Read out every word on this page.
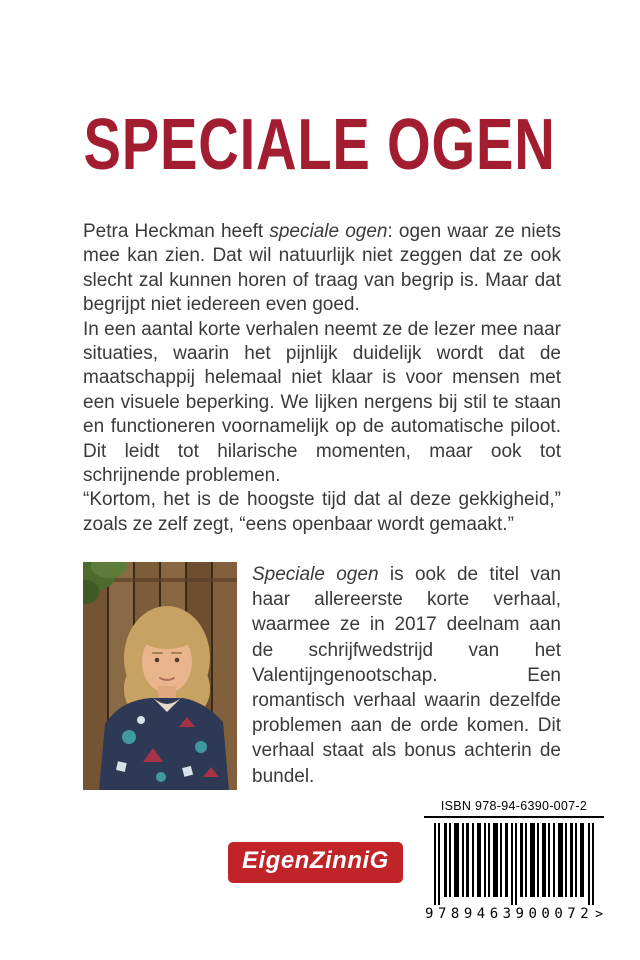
SPECIALE OGEN

Petra Heckman heeft speciale ogen: ogen waar ze niets mee kan zien. Dat wil natuurlijk niet zeggen dat ze ook slecht zal kunnen horen of traag van begrip is. Maar dat begrijpt niet iedereen even goed.

In een aantal korte verhalen neemt ze de lezer mee naar situaties, waarin het pijnlijk duidelijk wordt dat de maatschappij helemaal niet klaar is voor mensen met een visuele beperking. We lijken nergens bij stil te staan en functioneren voornamelijk op de automatische piloot. Dit leidt tot hilarische momenten, maar ook tot schrijnende problemen.

“Kortom, het is de hoogste tijd dat al deze gekkigheid,” zoals ze zelf zegt, “eens openbaar wordt gemaakt.”

Speciale ogen is ook de titel van haar allereerste korte verhaal, waarmee ze in 2017 deelnam aan de schrijfwedstrijd van het Valentijngenootschap. Een romantisch verhaal waarin dezelfde problemen aan de orde komen. Dit verhaal staat als bonus achterin de bundel.

EigenZinniG
ISBN 978-94-6390-007-2
9789463900072 >
